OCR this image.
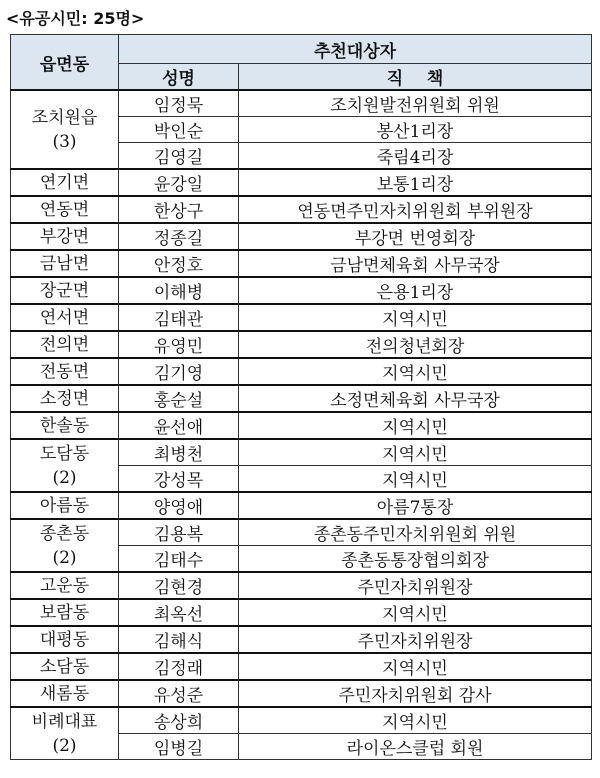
<유공시민: 25명>
읍면동	추천대상자	
	성명	직    책

조치원읍
(3)	임정묵	조치원발전위원회 위원
	박인순	봉산1리장
	김영길	죽림4리장

연기면	윤강일	보통1리장

연동면	한상구	연동면주민자치위원회 부위원장

부강면	정종길	부강면 번영회장

금남면	안정호	금남면체육회 사무국장

장군면	이해병	은용1리장

연서면	김태관	지역시민

전의면	유영민	전의청년회장

전동면	김기영	지역시민

소정면	홍순설	소정면체육회 사무국장

한솔동	윤선애	지역시민

도담동
(2)	최병천	지역시민
	강성목	지역시민

아름동	양영애	아름7통장

종촌동
(2)	김용복	종촌동주민자치위원회 위원
	김태수	종촌동통장협의회장

고운동	김현경	주민자치위원장

보람동	최옥선	지역시민

대평동	김해식	주민자치위원장

소담동	김정래	지역시민

새롬동	유성준	주민자치위원회 감사

비례대표
(2)	송상희	지역시민
	임병길	라이온스클럽 회원
